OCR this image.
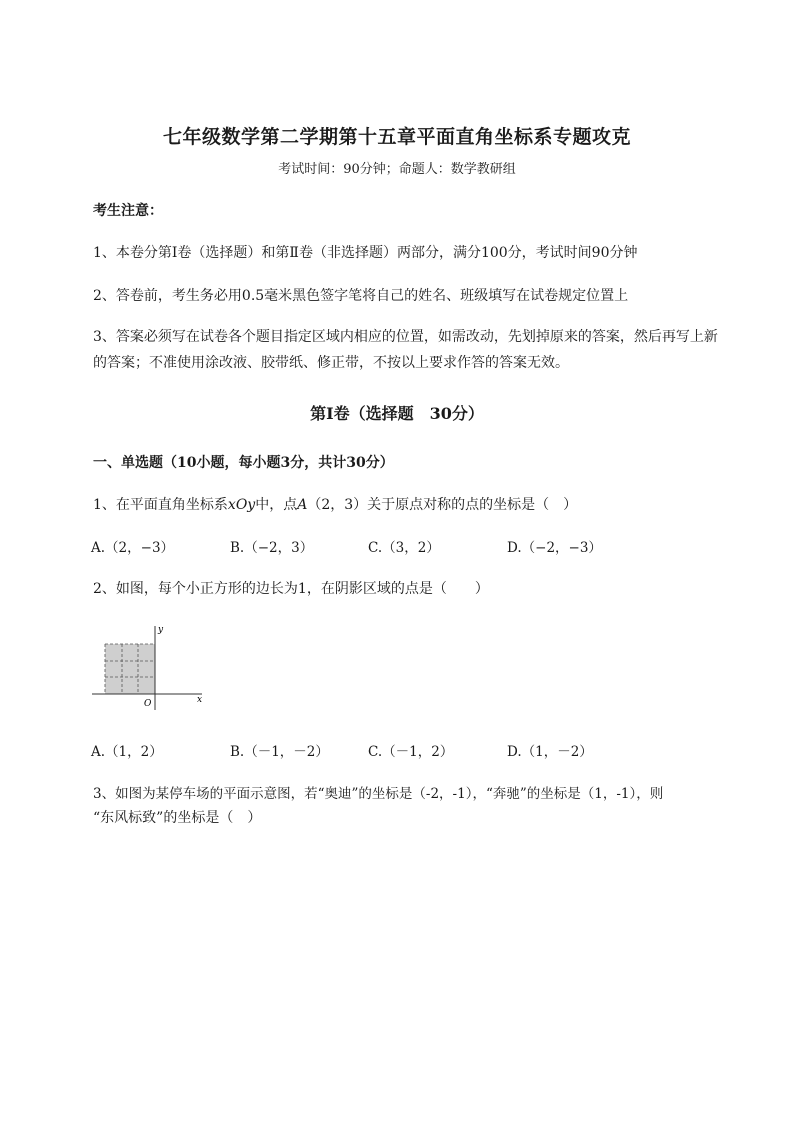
七年级数学第二学期第十五章平面直角坐标系专题攻克
考试时间：90分钟；命题人：数学教研组
考生注意：
1、本卷分第I卷（选择题）和第Ⅱ卷（非选择题）两部分，满分100分，考试时间90分钟
2、答卷前，考生务必用0.5毫米黑色签字笔将自己的姓名、班级填写在试卷规定位置上
3、答案必须写在试卷各个题目指定区域内相应的位置，如需改动，先划掉原来的答案，然后再写上新
的答案；不准使用涂改液、胶带纸、修正带，不按以上要求作答的答案无效。
第I卷（选择题　30分）
一、单选题（10小题，每小题3分，共计30分）
1、在平面直角坐标系xOy中，点A（2，3）关于原点对称的点的坐标是（　）
A.（2，−3）	B.（−2，3）	C.（3，2）	D.（−2，−3）
2、如图，每个小正方形的边长为1，在阴影区域的点是（　　）
y
x
O
A.（1，2）	B.（－1，－2）	C.（－1，2）	D.（1，－2）
3、如图为某停车场的平面示意图，若“奥迪”的坐标是（-2，-1），“奔驰”的坐标是（1，-1），则
“东风标致”的坐标是（　）
